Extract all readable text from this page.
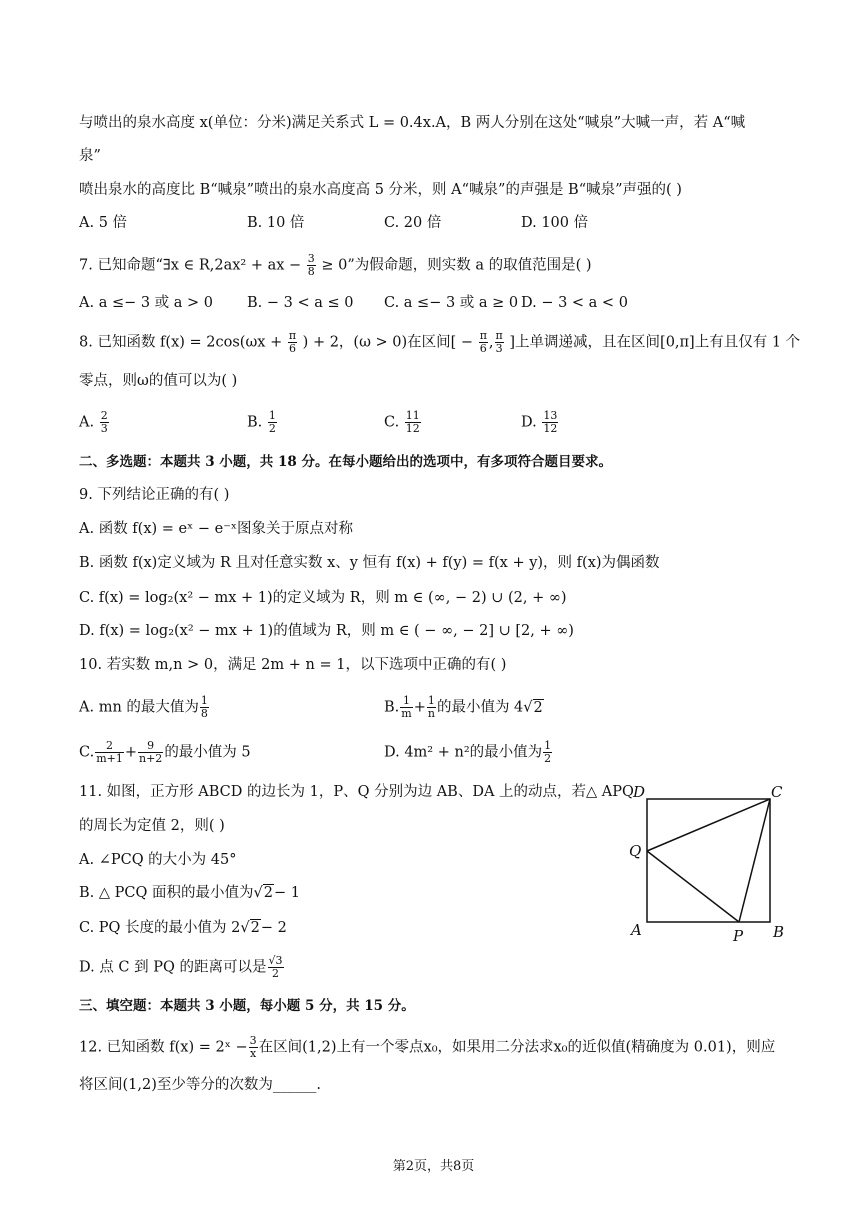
与喷出的泉水高度 x(单位：分米)满足关系式 L = 0.4x.A，B 两人分别在这处“喊泉”大喊一声，若 A“喊
泉”
喷出泉水的高度比 B“喊泉”喷出的泉水高度高 5 分米，则 A“喊泉”的声强是 B“喊泉”声强的( )
A. 5 倍	B. 10 倍	C. 20 倍	D. 100 倍
7. 已知命题“∃x ∈ R,2ax² + ax − $\frac{3}{8} \ge 0$”为假命题，则实数 a 的取值范围是( )
A. a ≤− 3 或 a > 0 B. − 3 < a ≤ 0 C. a ≤− 3 或 a ≥ 0 D. − 3 < a < 0
8. 已知函数 $f(x) = 2\cos(\omega x + \frac{\pi}{6}$ ) + 2，(ω > 0)在区间[ − $\frac{\pi}{6}$ , $\frac{\pi}{3}$ ]上单调递减，且在区间[0,π]上有且仅有 1 个
零点，则ω的值可以为( )
A. $\frac{2}{3}$	B. $\frac{1}{2}$	C. $\frac{11}{12}$	D. $\frac{13}{12}$
二、多选题：本题共 3 小题，共 18 分。在每小题给出的选项中，有多项符合题目要求。
9. 下列结论正确的有( )
A. 函数 f(x) = eˣ − e⁻ˣ图象关于原点对称
B. 函数 f(x)定义域为 R 且对任意实数 x、y 恒有 f(x) + f(y) = f(x + y)，则 f(x)为偶函数
C. f(x) = log₂(x² − mx + 1)的定义域为 R，则 m ∈ (∞, − 2) ∪ (2, + ∞)
D. f(x) = log₂(x² − mx + 1)的值域为 R，则 m ∈ ( − ∞, − 2] ∪ [2, + ∞)
10. 若实数 m,n > 0，满足 2m + n = 1，以下选项中正确的有( )
A. mn 的最大值为 $\frac{1}{8}$	B. $\frac{1}{m} + \frac{1}{n}$ 的最小值为 4√2
C. $\frac{2}{m+1} + \frac{9}{n+2}$ 的最小值为 5	D. 4m² + n²的最小值为 $\frac{1}{2}$
11. 如图，正方形 ABCD 的边长为 1，P、Q 分别为边 AB、DA 上的动点，若△ APQ
的周长为定值 2，则( )
A. ∠PCQ 的大小为 45°
B. △ PCQ 面积的最小值为√2− 1
C. PQ 长度的最小值为 2√2− 2
D. 点 C 到 PQ 的距离可以是 $\frac{√3}{2}$
D	C
Q
A	P B
三、填空题：本题共 3 小题，每小题 5 分，共 15 分。
12. 已知函数 f(x) = 2ˣ − $\frac{3}{x}$ 在区间(1,2)上有一个零点x₀，如果用二分法求x₀的近似值(精确度为 0.01)，则应
将区间(1,2)至少等分的次数为______.
第2页，共8页
